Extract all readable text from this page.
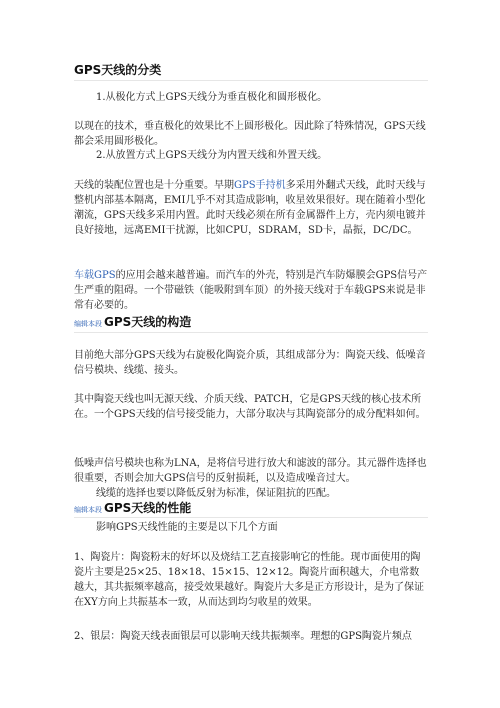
GPS天线的分类

1.从极化方式上GPS天线分为垂直极化和圆形极化。

以现在的技术，垂直极化的效果比不上圆形极化。因此除了特殊情况，GPS天线都会采用圆形极化。

2.从放置方式上GPS天线分为内置天线和外置天线。

天线的装配位置也是十分重要。早期GPS手持机多采用外翻式天线，此时天线与整机内部基本隔离，EMI几乎不对其造成影响，收星效果很好。现在随着小型化潮流，GPS天线多采用内置。此时天线必须在所有金属器件上方，壳内须电镀并良好接地，远离EMI干扰源，比如CPU，SDRAM，SD卡，晶振，DC/DC。

车载GPS的应用会越来越普遍。而汽车的外壳，特别是汽车防爆膜会GPS信号产生严重的阻碍。一个带磁铁（能吸附到车顶）的外接天线对于车载GPS来说是非常有必要的。

编辑本段 GPS天线的构造

目前绝大部分GPS天线为右旋极化陶瓷介质，其组成部分为：陶瓷天线、低噪音信号模块、线缆、接头。

其中陶瓷天线也叫无源天线、介质天线、PATCH，它是GPS天线的核心技术所在。一个GPS天线的信号接受能力，大部分取决与其陶瓷部分的成分配料如何。

低噪声信号模块也称为LNA，是将信号进行放大和滤波的部分。其元器件选择也很重要，否则会加大GPS信号的反射损耗，以及造成噪音过大。

线缆的选择也要以降低反射为标准，保证阻抗的匹配。

编辑本段 GPS天线的性能

影响GPS天线性能的主要是以下几个方面

1、陶瓷片：陶瓷粉末的好坏以及烧结工艺直接影响它的性能。现市面使用的陶瓷片主要是25×25、18×18、15×15、12×12。陶瓷片面积越大，介电常数越大，其共振频率越高，接受效果越好。陶瓷片大多是正方形设计，是为了保证在XY方向上共振基本一致，从而达到均匀收星的效果。

2、银层：陶瓷天线表面银层可以影响天线共振频率。理想的GPS陶瓷片频点
